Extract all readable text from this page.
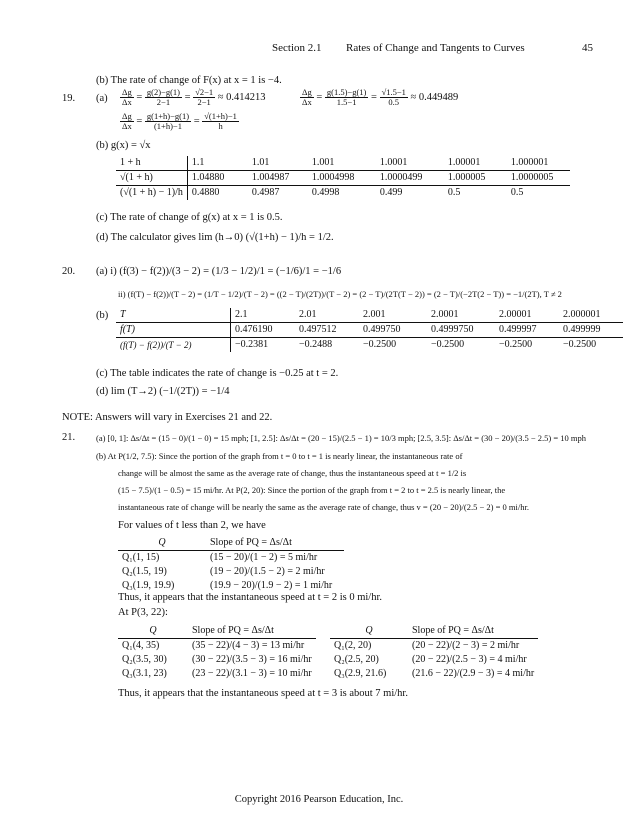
Section 2.1 Rates of Change and Tangents to Curves	45
(b) The rate of change of F(x) at x = 1 is −4.
19. $(a) \frac{\Delta g}{\Delta x} = \frac{g(2)-g(1)}{2-1} = \frac{√2-1}{2-1} \approx 0.414213$	$\frac{\Delta g}{\Delta x} = \frac{g(1.5)-g(1)}{1.5-1} = \frac{√1.5-1}{0.5} \approx 0.449489$
$\frac{\Delta g}{\Delta x} = \frac{g(1+h)-g(1)}{(1+h)-1} = \frac{√(1+h)-1}{h}$
(b) g(x) = √x
1 + h	1.1	1.01	1.001	1.0001	1.00001	1.000001
√(1 + h)	1.04880	1.004987	1.0004998	1.0000499	1.000005	1.0000005
(√(1 + h) − 1)/h	0.4880	0.4987	0.4998	0.499	0.5	0.5
(c) The rate of change of g(x) at x = 1 is 0.5.
(d) The calculator gives lim (h→0) (√(1+h) − 1)/h = 1/2.
20. (a) i) (f(3) − f(2))/(3 − 2) = (1/3 − 1/2)/1 = (−1/6)/1 = −1/6
ii) (f(T) − f(2))/(T − 2) = (1/T − 1/2)/(T − 2) = ((2 − T)/(2T))/(T − 2) = (2 − T)/(2T(T − 2)) = (2 − T)/(−2T(2 − T)) = −1/(2T), T ≠ 2
(b) T	2.1	2.01	2.001	2.0001	2.00001	2.000001
f(T)	0.476190	0.497512	0.499750	0.4999750	0.499997	0.499999
(f(T) − f(2))/(T − 2)	−0.2381	−0.2488	−0.2500	−0.2500	−0.2500	−0.2500
(c) The table indicates the rate of change is −0.25 at t = 2.
(d) lim (T→2) (−1/(2T)) = −1/4
NOTE: Answers will vary in Exercises 21 and 22.
21. (a) [0, 1]: Δs/Δt = (15 − 0)/(1 − 0) = 15 mph; [1, 2.5]: Δs/Δt = (20 − 15)/(2.5 − 1) = 10/3 mph; [2.5, 3.5]: Δs/Δt = (30 − 20)/(3.5 − 2.5) = 10 mph
(b) At P(1/2, 7.5): Since the portion of the graph from t = 0 to t = 1 is nearly linear, the instantaneous rate of
change will be almost the same as the average rate of change, thus the instantaneous speed at t = 1/2 is
(15 − 7.5)/(1 − 0.5) = 15 mi/hr. At P(2, 20): Since the portion of the graph from t = 2 to t = 2.5 is nearly linear, the
instantaneous rate of change will be nearly the same as the average rate of change, thus v = (20 − 20)/(2.5 − 2) = 0 mi/hr.
For values of t less than 2, we have
Q	Slope of PQ = Δs/Δt
Q₁(1, 15)	(15 − 20)/(1 − 2) = 5 mi/hr
Q₂(1.5, 19)	(19 − 20)/(1.5 − 2) = 2 mi/hr
Q₃(1.9, 19.9)	(19.9 − 20)/(1.9 − 2) = 1 mi/hr
Thus, it appears that the instantaneous speed at t = 2 is 0 mi/hr.
At P(3, 22):
Q	Slope of PQ = Δs/Δt
Q₁(4, 35)	(35 − 22)/(4 − 3) = 13 mi/hr
Q₂(3.5, 30)	(30 − 22)/(3.5 − 3) = 16 mi/hr
Q₃(3.1, 23)	(23 − 22)/(3.1 − 3) = 10 mi/hr
Q	Slope of PQ = Δs/Δt
Q₁(2, 20)	(20 − 22)/(2 − 3) = 2 mi/hr
Q₂(2.5, 20)	(20 − 22)/(2.5 − 3) = 4 mi/hr
Q₃(2.9, 21.6)	(21.6 − 22)/(2.9 − 3) = 4 mi/hr
Thus, it appears that the instantaneous speed at t = 3 is about 7 mi/hr.
Copyright 2016 Pearson Education, Inc.
